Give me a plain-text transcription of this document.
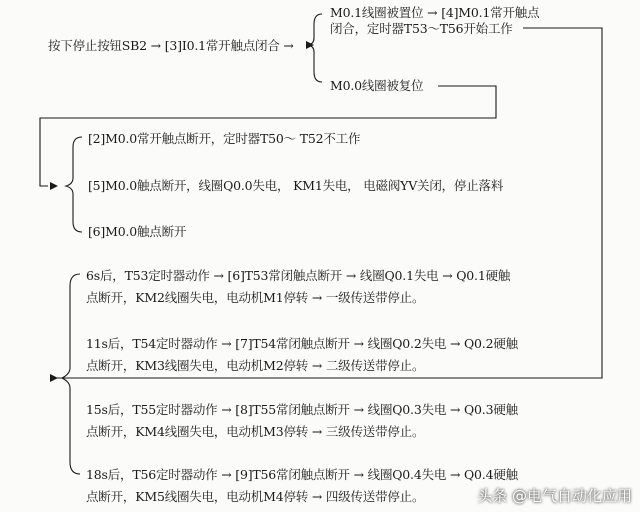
按下停止按钮SB2 → [3]I0.1常开触点闭合 →
M0.1线圈被置位 → [4]M0.1常开触点
闭合，定时器T53～T56开始工作
M0.0线圈被复位
[2]M0.0常开触点断开，定时器T50～ T52不工作
[5]M0.0触点断开，线圈Q0.0失电， KM1失电， 电磁阀YV关闭，停止落料
[6]M0.0触点断开
6s后，T53定时器动作 → [6]T53常闭触点断开 → 线圈Q0.1失电 → Q0.1硬触
点断开，KM2线圈失电，电动机M1停转 → 一级传送带停止。
11s后，T54定时器动作 → [7]T54常闭触点断开 → 线圈Q0.2失电 → Q0.2硬触
点断开，KM3线圈失电，电动机M2停转 → 二级传送带停止。
15s后，T55定时器动作 → [8]T55常闭触点断开 → 线圈Q0.3失电 → Q0.3硬触
点断开，KM4线圈失电，电动机M3停转 → 三级传送带停止。
18s后，T56定时器动作 → [9]T56常闭触点断开 → 线圈Q0.4失电 → Q0.4硬触
点断开，KM5线圈失电，电动机M4停转 → 四级传送带停止。	头条 @电气自动化应用
